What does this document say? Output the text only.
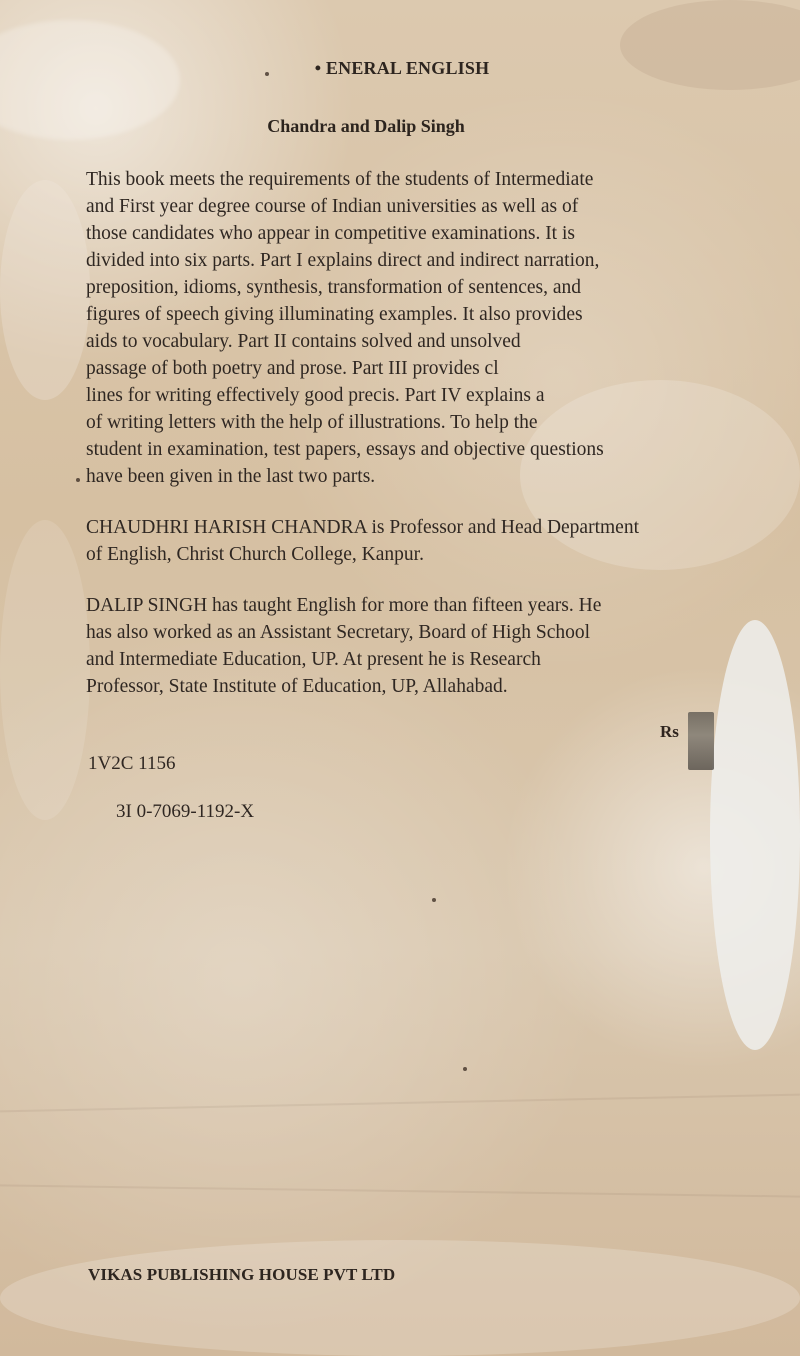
• ENERAL ENGLISH
Chandra and Dalip Singh
This book meets the requirements of the students of Intermediate
and First year degree course of Indian universities as well as of
those candidates who appear in competitive examinations. It is
divided into six parts. Part I explains direct and indirect narration,
preposition, idioms, synthesis, transformation of sentences, and
figures of speech giving illuminating examples. It also provides
aids to vocabulary. Part II contains solved and unsolved
passage of both poetry and prose. Part III provides cl
lines for writing effectively good precis. Part IV explains a
of writing letters with the help of illustrations. To help the
student in examination, test papers, essays and objective questions
have been given in the last two parts.
CHAUDHRI HARISH CHANDRA is Professor and Head Department
of English, Christ Church College, Kanpur.
DALIP SINGH has taught English for more than fifteen years. He
has also worked as an Assistant Secretary, Board of High School
and Intermediate Education, UP. At present he is Research
Professor, State Institute of Education, UP, Allahabad.
Rs
1V2C 1156
3I 0-7069-1192-X
VIKAS PUBLISHING HOUSE PVT LTD
